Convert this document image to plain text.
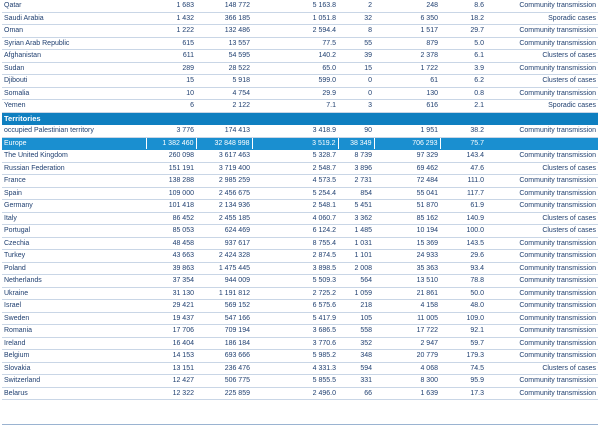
Qatar	1 683	148 772	5 163.8	2	248	8.6	Community transmission
Saudi Arabia	1 432	366 185	1 051.8	32	6 350	18.2	Sporadic cases
Oman	1 222	132 486	2 594.4	8	1 517	29.7	Community transmission
Syrian Arab Republic	615	13 557	77.5	55	879	5.0	Community transmission
Afghanistan	611	54 595	140.2	39	2 378	6.1	Clusters of cases
Sudan	289	28 522	65.0	15	1 722	3.9	Community transmission
Djibouti	15	5 918	599.0	0	61	6.2	Clusters of cases
Somalia	10	4 754	29.9	0	130	0.8	Community transmission
Yemen	6	2 122	7.1	3	616	2.1	Sporadic cases
Territories							
occupied Palestinian territory	3 776	174 413	3 418.9	90	1 951	38.2	Community transmission
Europe	1 382 460	32 848 998	3 519.2	38 349	706 293	75.7	
The United Kingdom	260 098	3 617 463	5 328.7	8 739	97 329	143.4	Community transmission
Russian Federation	151 191	3 719 400	2 548.7	3 896	69 462	47.6	Clusters of cases
France	138 288	2 985 259	4 573.5	2 731	72 484	111.0	Community transmission
Spain	109 000	2 456 675	5 254.4	854	55 041	117.7	Community transmission
Germany	101 418	2 134 936	2 548.1	5 451	51 870	61.9	Community transmission
Italy	86 452	2 455 185	4 060.7	3 362	85 162	140.9	Clusters of cases
Portugal	85 053	624 469	6 124.2	1 485	10 194	100.0	Clusters of cases
Czechia	48 458	937 617	8 755.4	1 031	15 369	143.5	Community transmission
Turkey	43 663	2 424 328	2 874.5	1 101	24 933	29.6	Community transmission
Poland	39 863	1 475 445	3 898.5	2 008	35 363	93.4	Community transmission
Netherlands	37 354	944 009	5 509.3	564	13 510	78.8	Community transmission
Ukraine	31 130	1 191 812	2 725.2	1 059	21 861	50.0	Community transmission
Israel	29 421	569 152	6 575.6	218	4 158	48.0	Community transmission
Sweden	19 437	547 166	5 417.9	105	11 005	109.0	Community transmission
Romania	17 706	709 194	3 686.5	558	17 722	92.1	Community transmission
Ireland	16 404	186 184	3 770.6	352	2 947	59.7	Community transmission
Belgium	14 153	693 666	5 985.2	348	20 779	179.3	Community transmission
Slovakia	13 151	236 476	4 331.3	594	4 068	74.5	Clusters of cases
Switzerland	12 427	506 775	5 855.5	331	8 300	95.9	Community transmission
Belarus	12 322	225 859	2 496.0	66	1 639	17.3	Community transmission
